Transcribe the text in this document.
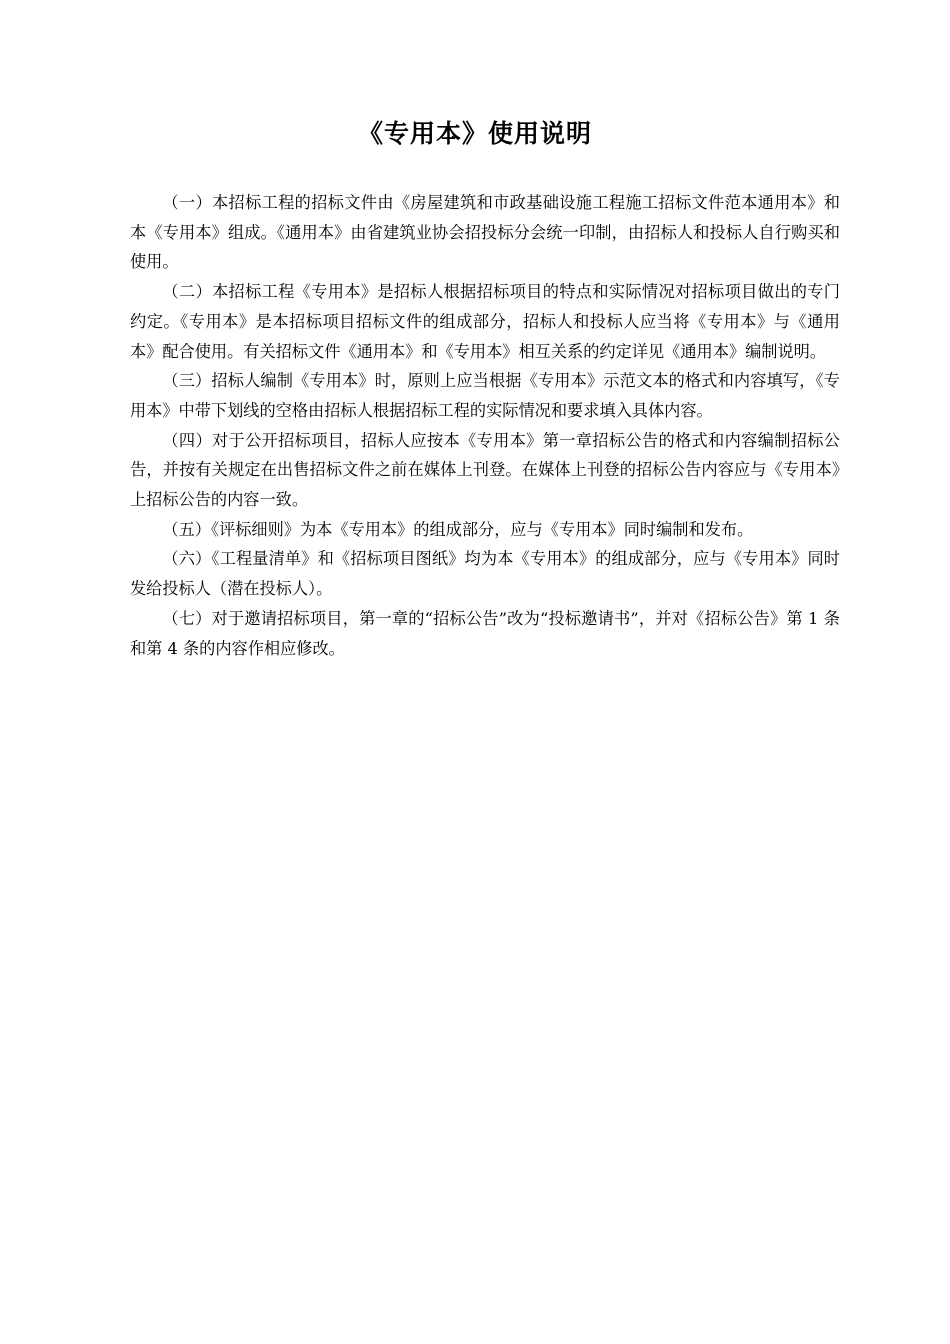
《专用本》使用说明

（一）本招标工程的招标文件由《房屋建筑和市政基础设施工程施工招标文件范本通用本》和本《专用本》组成。《通用本》由省建筑业协会招投标分会统一印制，由招标人和投标人自行购买和使用。

（二）本招标工程《专用本》是招标人根据招标项目的特点和实际情况对招标项目做出的专门约定。《专用本》是本招标项目招标文件的组成部分，招标人和投标人应当将《专用本》与《通用本》配合使用。有关招标文件《通用本》和《专用本》相互关系的约定详见《通用本》编制说明。

（三）招标人编制《专用本》时，原则上应当根据《专用本》示范文本的格式和内容填写，《专用本》中带下划线的空格由招标人根据招标工程的实际情况和要求填入具体内容。

（四）对于公开招标项目，招标人应按本《专用本》第一章招标公告的格式和内容编制招标公告，并按有关规定在出售招标文件之前在媒体上刊登。在媒体上刊登的招标公告内容应与《专用本》上招标公告的内容一致。

（五）《评标细则》为本《专用本》的组成部分，应与《专用本》同时编制和发布。

（六）《工程量清单》和《招标项目图纸》均为本《专用本》的组成部分，应与《专用本》同时发给投标人（潜在投标人）。

（七）对于邀请招标项目，第一章的“招标公告”改为“投标邀请书”，并对《招标公告》第 1 条和第 4 条的内容作相应修改。
